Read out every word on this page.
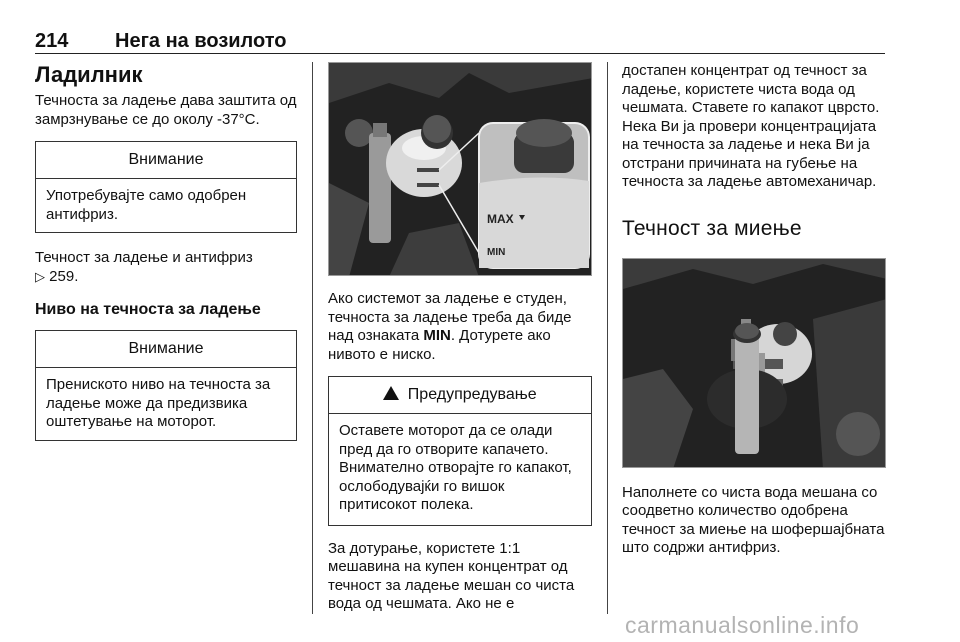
214 Нега на возилото
Ладилник

Течноста за ладење дава заштита од замрзнување се до околу -37°C.

Внимание
Употребувајте само одобрен антифриз.

Течност за ладење и антифриз
▷ 259.

Ниво на течноста за ладење
Внимание
Прениското ниво на течноста за ладење може да предизвика оштетување на моторот.
MAX
MIN

Ако системот за ладење е студен, течноста за ладење треба да биде над ознаката MIN. Дотурете ако нивото е ниско.

! Предупредување
Оставете моторот да се олади пред да го отворите капачето. Внимателно отворајте го капакот, ослободувајќи го вишок притисокот полека.

За дотурање, користете 1:1 мешавина на купен концентрат од течност за ладење мешан со чиста вода од чешмата. Ако не е

достапен концентрат од течност за ладење, користете чиста вода од чешмата. Ставете го капакот цврсто. Нека Ви ја провери концентрацијата на течноста за ладење и нека Ви ја отстрани причината на губење на течноста за ладење автомеханичар.

Течност за миење

Наполнете со чиста вода мешана со соодветно количество одобрена течност за миење на шофершајбната што содржи антифриз.

carmanualsonline.info
